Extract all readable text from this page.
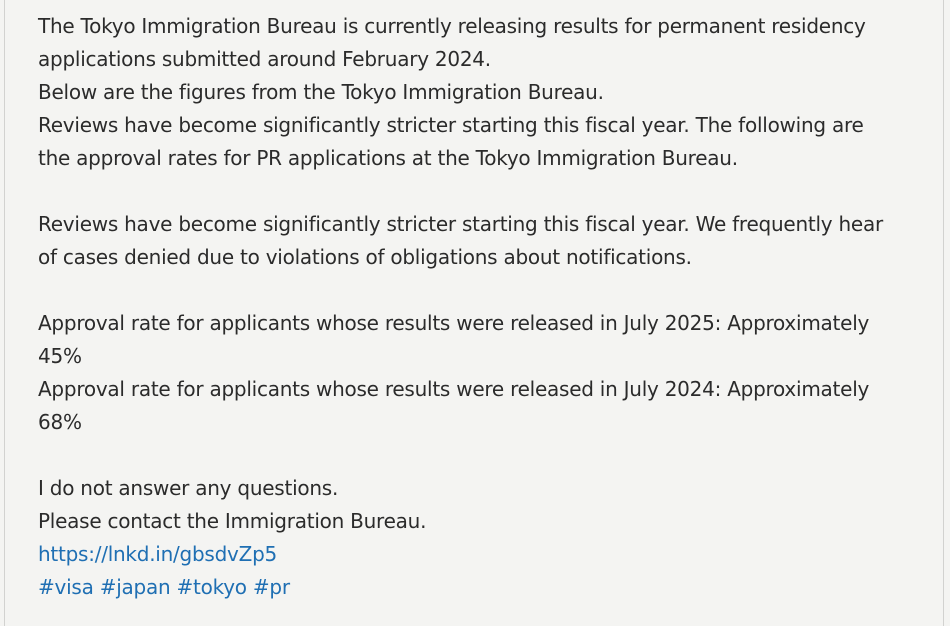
The Tokyo Immigration Bureau is currently releasing results for permanent residency
applications submitted around February 2024.
Below are the figures from the Tokyo Immigration Bureau.
Reviews have become significantly stricter starting this fiscal year. The following are
the approval rates for PR applications at the Tokyo Immigration Bureau.
Reviews have become significantly stricter starting this fiscal year. We frequently hear
of cases denied due to violations of obligations about notifications.
Approval rate for applicants whose results were released in July 2025: Approximately
45%
Approval rate for applicants whose results were released in July 2024: Approximately
68%
I do not answer any questions.
Please contact the Immigration Bureau.
https://lnkd.in/gbsdvZp5
#visa #japan #tokyo #pr
